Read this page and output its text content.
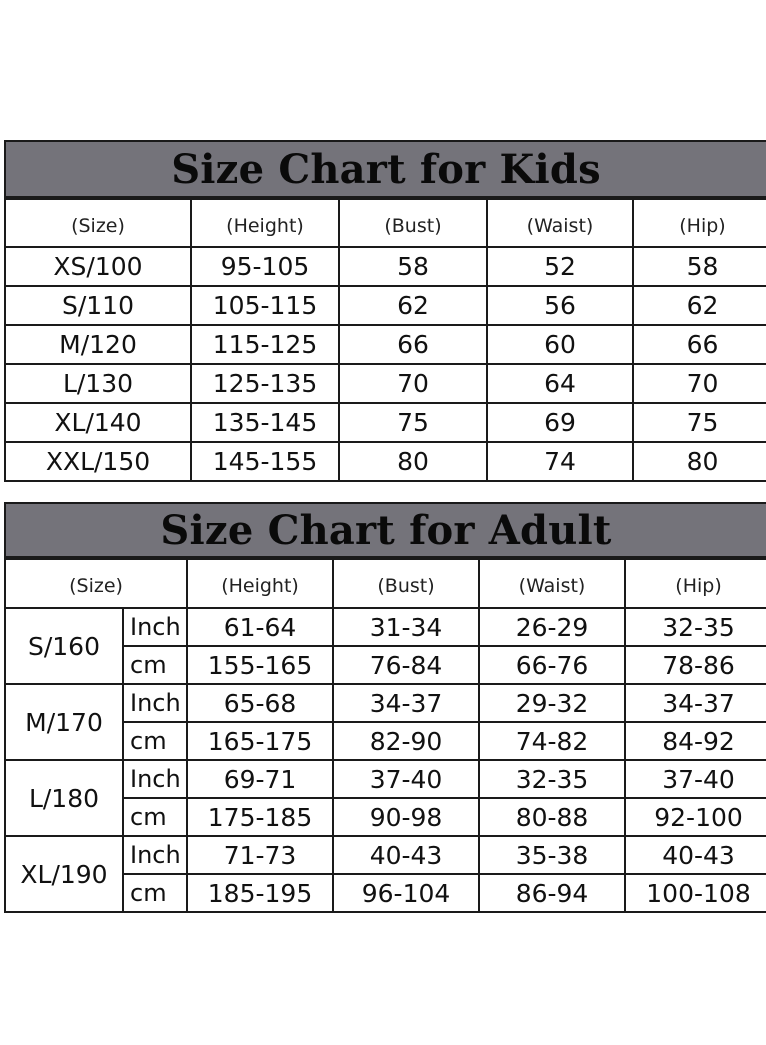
Size Chart for Kids
(Size)	(Height)	(Bust)	(Waist)	(Hip)
XS/100	95-105	58	52	58
S/110	105-115	62	56	62
M/120	115-125	66	60	66
L/130	125-135	70	64	70
XL/140	135-145	75	69	75
XXL/150	145-155	80	74	80
Size Chart for Adult
(Size)		(Height)	(Bust)	(Waist)	(Hip)
S/160	Inch	61-64	31-34	26-29	32-35
	cm	155-165	76-84	66-76	78-86
M/170	Inch	65-68	34-37	29-32	34-37
	cm	165-175	82-90	74-82	84-92
L/180	Inch	69-71	37-40	32-35	37-40
	cm	175-185	90-98	80-88	92-100
XL/190	Inch	71-73	40-43	35-38	40-43
	cm	185-195	96-104	86-94	100-108
